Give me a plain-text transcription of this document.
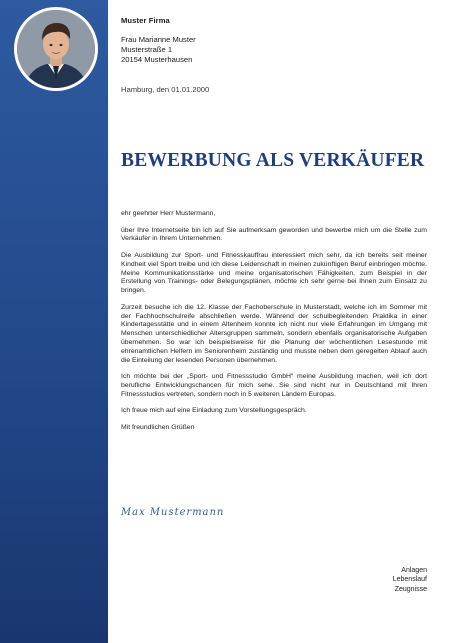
Muster Firma
Frau Marianne Muster
Musterstraße 1
20154 Musterhausen
Hamburg, den 01.01.2000
BEWERBUNG ALS VERKÄUFER

ehr geehrter Herr Mustermann,

über Ihre Internetseite bin ich auf Sie aufmerksam geworden und bewerbe mich um die Stelle zum Verkäufer in Ihrem Unternehmen.

Die Ausbildung zur Sport- und Fitnesskauffrau interessiert mich sehr, da ich bereits seit meiner Kindheit viel Sport treibe und ich diese Leidenschaft in meinen zukünftigen Beruf einbringen möchte. Meine Kommunikationsstärke und meine organisatorischen Fähigkeiten, zum Beispiel in der Erstellung von Trainings- oder Belegungsplänen, möchte ich sehr gerne bei Ihnen zum Einsatz zu bringen.

Zurzeit besuche ich die 12. Klasse der Fachoberschule in Musterstadt, welche ich im Sommer mit der Fachhochschulreife abschließen werde. Während der schulbegleitenden Praktika in einer Kindertagesstätte und in einem Altenheim konnte ich nicht nur viele Erfahrungen im Umgang mit Menschen unterschiedlicher Altersgruppen sammeln, sondern ebenfalls organisatorische Aufgaben übernehmen. So war ich beispielsweise für die Planung der wöchentlichen Lesestunde mit ehrenamtlichen Helfern im Seniorenheim zuständig und musste neben dem geregelten Ablauf auch die Einteilung der lesenden Personen übernehmen.

Ich möchte bei der „Sport- und Fitnessstudio GmbH“ meine Ausbildung machen, weil ich dort berufliche Entwicklungschancen für mich sehe. Sie sind nicht nur in Deutschland mit Ihren Fitnessstudios vertreten, sondern noch in 5 weiteren Ländern Europas.

Ich freue mich auf eine Einladung zum Vorstellungsgespräch.

Mit freundlichen Grüßen

Max Mustermann
Anlagen
Lebenslauf
Zeugnisse
